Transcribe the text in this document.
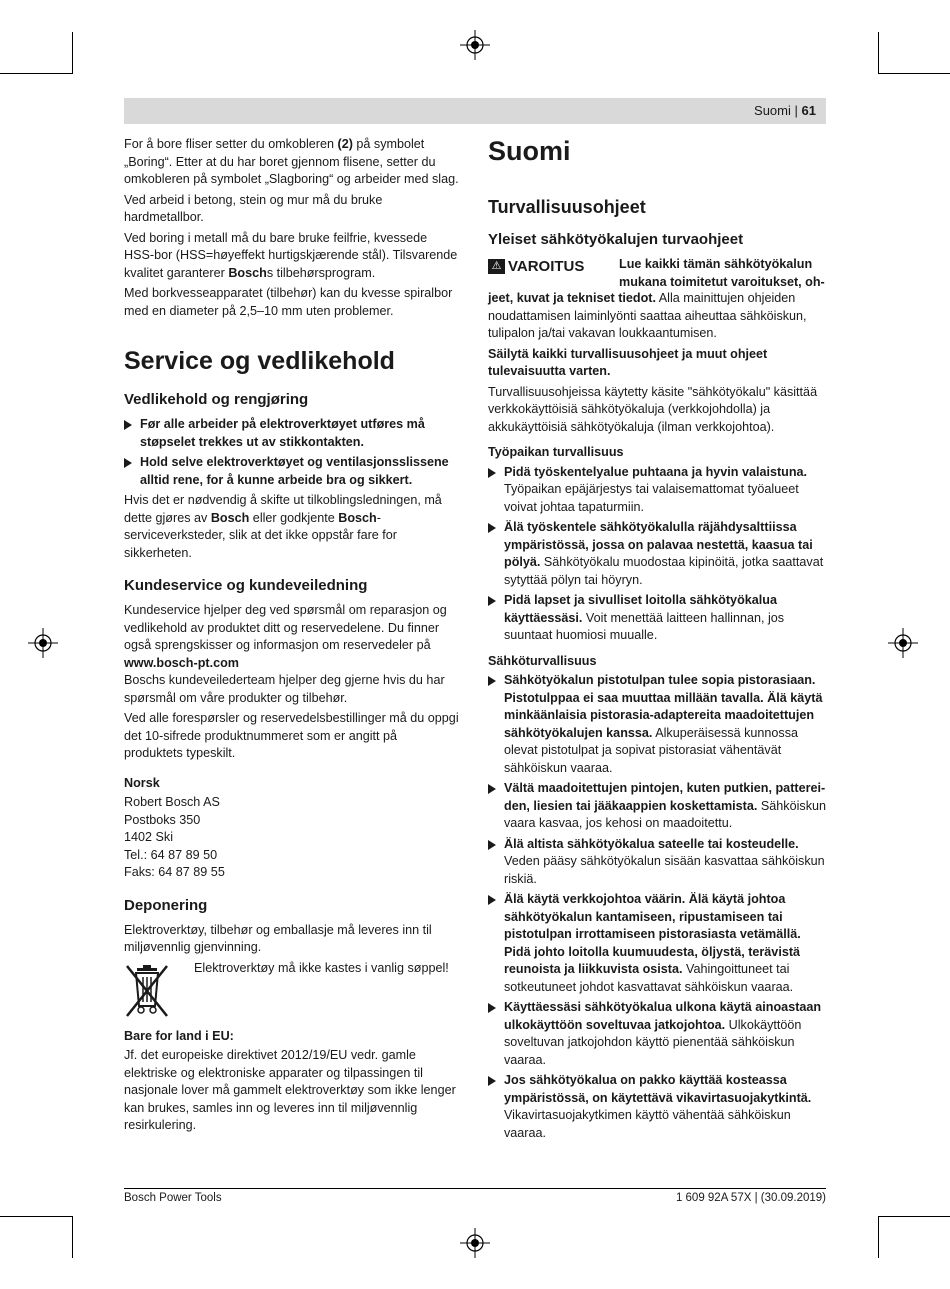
Suomi | 61

For å bore fliser setter du omkobleren (2) på symbolet „Boring“. Etter at du har boret gjennom flisene, setter du omkobleren på symbolet „Slagboring“ og arbeider med slag.

Ved arbeid i betong, stein og mur må du bruke hardmetallbor.

Ved boring i metall må du bare bruke feilfrie, kvessede HSS-bor (HSS=høyeffekt hurtigskjærende stål). Tilsvarende kvalitet garanterer Boschs tilbehørsprogram.

Med borkvesseapparatet (tilbehør) kan du kvesse spiralbor med en diameter på 2,5–10 mm uten problemer.

Service og vedlikehold
Vedlikehold og rengjøring
Før alle arbeider på elektroverktøyet utføres må støpselet trekkes ut av stikkontakten.
Hold selve elektroverktøyet og ventilasjonsslissene alltid rene, for å kunne arbeide bra og sikkert.

Hvis det er nødvendig å skifte ut tilkoblingsledningen, må dette gjøres av Bosch eller godkjente Bosch-serviceverksteder, slik at det ikke oppstår fare for sikkerheten.

Kundeservice og kundeveiledning

Kundeservice hjelper deg ved spørsmål om reparasjon og vedlikehold av produktet ditt og reservedelene. Du finner også sprengskisser og informasjon om reservedeler på

www.bosch-pt.com

Boschs kundeveilederteam hjelper deg gjerne hvis du har spørsmål om våre produkter og tilbehør.

Ved alle forespørsler og reservedelsbestillinger må du oppgi det 10-sifrede produktnummeret som er angitt på produktets typeskilt.

Norsk
Robert Bosch AS
Postboks 350
1402 Ski
Tel.: 64 87 89 50
Faks: 64 87 89 55
Deponering

Elektroverktøy, tilbehør og emballasje må leveres inn til miljøvennlig gjenvinning.

Elektroverktøy må ikke kastes i vanlig søppel!
Bare for land i EU:

Jf. det europeiske direktivet 2012/19/EU vedr. gamle elektriske og elektroniske apparater og tilpassingen til nasjonale lover må gammelt elektroverktøy som ikke lenger kan brukes, samles inn og leveres inn til miljøvennlig resirkulering.

Suomi
Turvallisuusohjeet
Yleiset sähkötyökalujen turvaohjeet
⚠ VAROITUS	Lue kaikki tämän sähkötyökalun mukana toimitetut varoitukset, oh-

jeet, kuvat ja tekniset tiedot. Alla mainittujen ohjeiden noudattamisen laiminlyönti saattaa aiheuttaa sähköiskun, tulipalon ja/tai vakavan loukkaantumisen.

Säilytä kaikki turvallisuusohjeet ja muut ohjeet tulevaisuutta varten.

Turvallisuusohjeissa käytetty käsite "sähkötyökalu" käsittää verkkokäyttöisiä sähkötyökaluja (verkkojohdolla) ja akkukäyttöisiä sähkötyökaluja (ilman verkkojohtoa).

Työpaikan turvallisuus
Pidä työskentelyalue puhtaana ja hyvin valaistuna. Työpaikan epäjärjestys tai valaisemattomat työalueet voivat johtaa tapaturmiin.
Älä työskentele sähkötyökalulla räjähdysalttiissa ympäristössä, jossa on palavaa nestettä, kaasua tai pölyä. Sähkötyökalu muodostaa kipinöitä, jotka saattavat sytyttää pölyn tai höyryn.
Pidä lapset ja sivulliset loitolla sähkötyökalua käyttäessäsi. Voit menettää laitteen hallinnan, jos suuntaat huomiosi muualle.
Sähköturvallisuus
Sähkötyökalun pistotulpan tulee sopia pistorasiaan. Pistotulppaa ei saa muuttaa millään tavalla. Älä käytä minkäänlaisia pistorasia-adaptereita maadoitettujen sähkötyökalujen kanssa. Alkuperäisessä kunnossa olevat pistotulpat ja sopivat pistorasiat vähentävät sähköiskun vaaraa.
Vältä maadoitettujen pintojen, kuten putkien, pattereiden, liesien tai jääkaappien koskettamista. Sähköiskun vaara kasvaa, jos kehosi on maadoitettu.
Älä altista sähkötyökalua sateelle tai kosteudelle. Veden pääsy sähkötyökalun sisään kasvattaa sähköiskun riskiä.
Älä käytä verkkojohtoa väärin. Älä käytä johtoa sähkötyökalun kantamiseen, ripustamiseen tai pistotulpan irrottamiseen pistorasiasta vetämällä. Pidä johto loitolla kuumuudesta, öljystä, terävistä reunoista ja liikkuvista osista. Vahingoittuneet tai sotkeutuneet johdot kasvattavat sähköiskun vaaraa.
Käyttäessäsi sähkötyökalua ulkona käytä ainoastaan ulkokäyttöön soveltuvaa jatkojohtoa. Ulkokäyttöön soveltuvan jatkojohdon käyttö pienentää sähköiskun vaaraa.
Jos sähkötyökalua on pakko käyttää kosteassa ympäristössä, on käytettävä vikavirtasuojakytkintä. Vikavirtasuojakytkimen käyttö vähentää sähköiskun vaaraa.
Bosch Power Tools	1 609 92A 57X | (30.09.2019)
